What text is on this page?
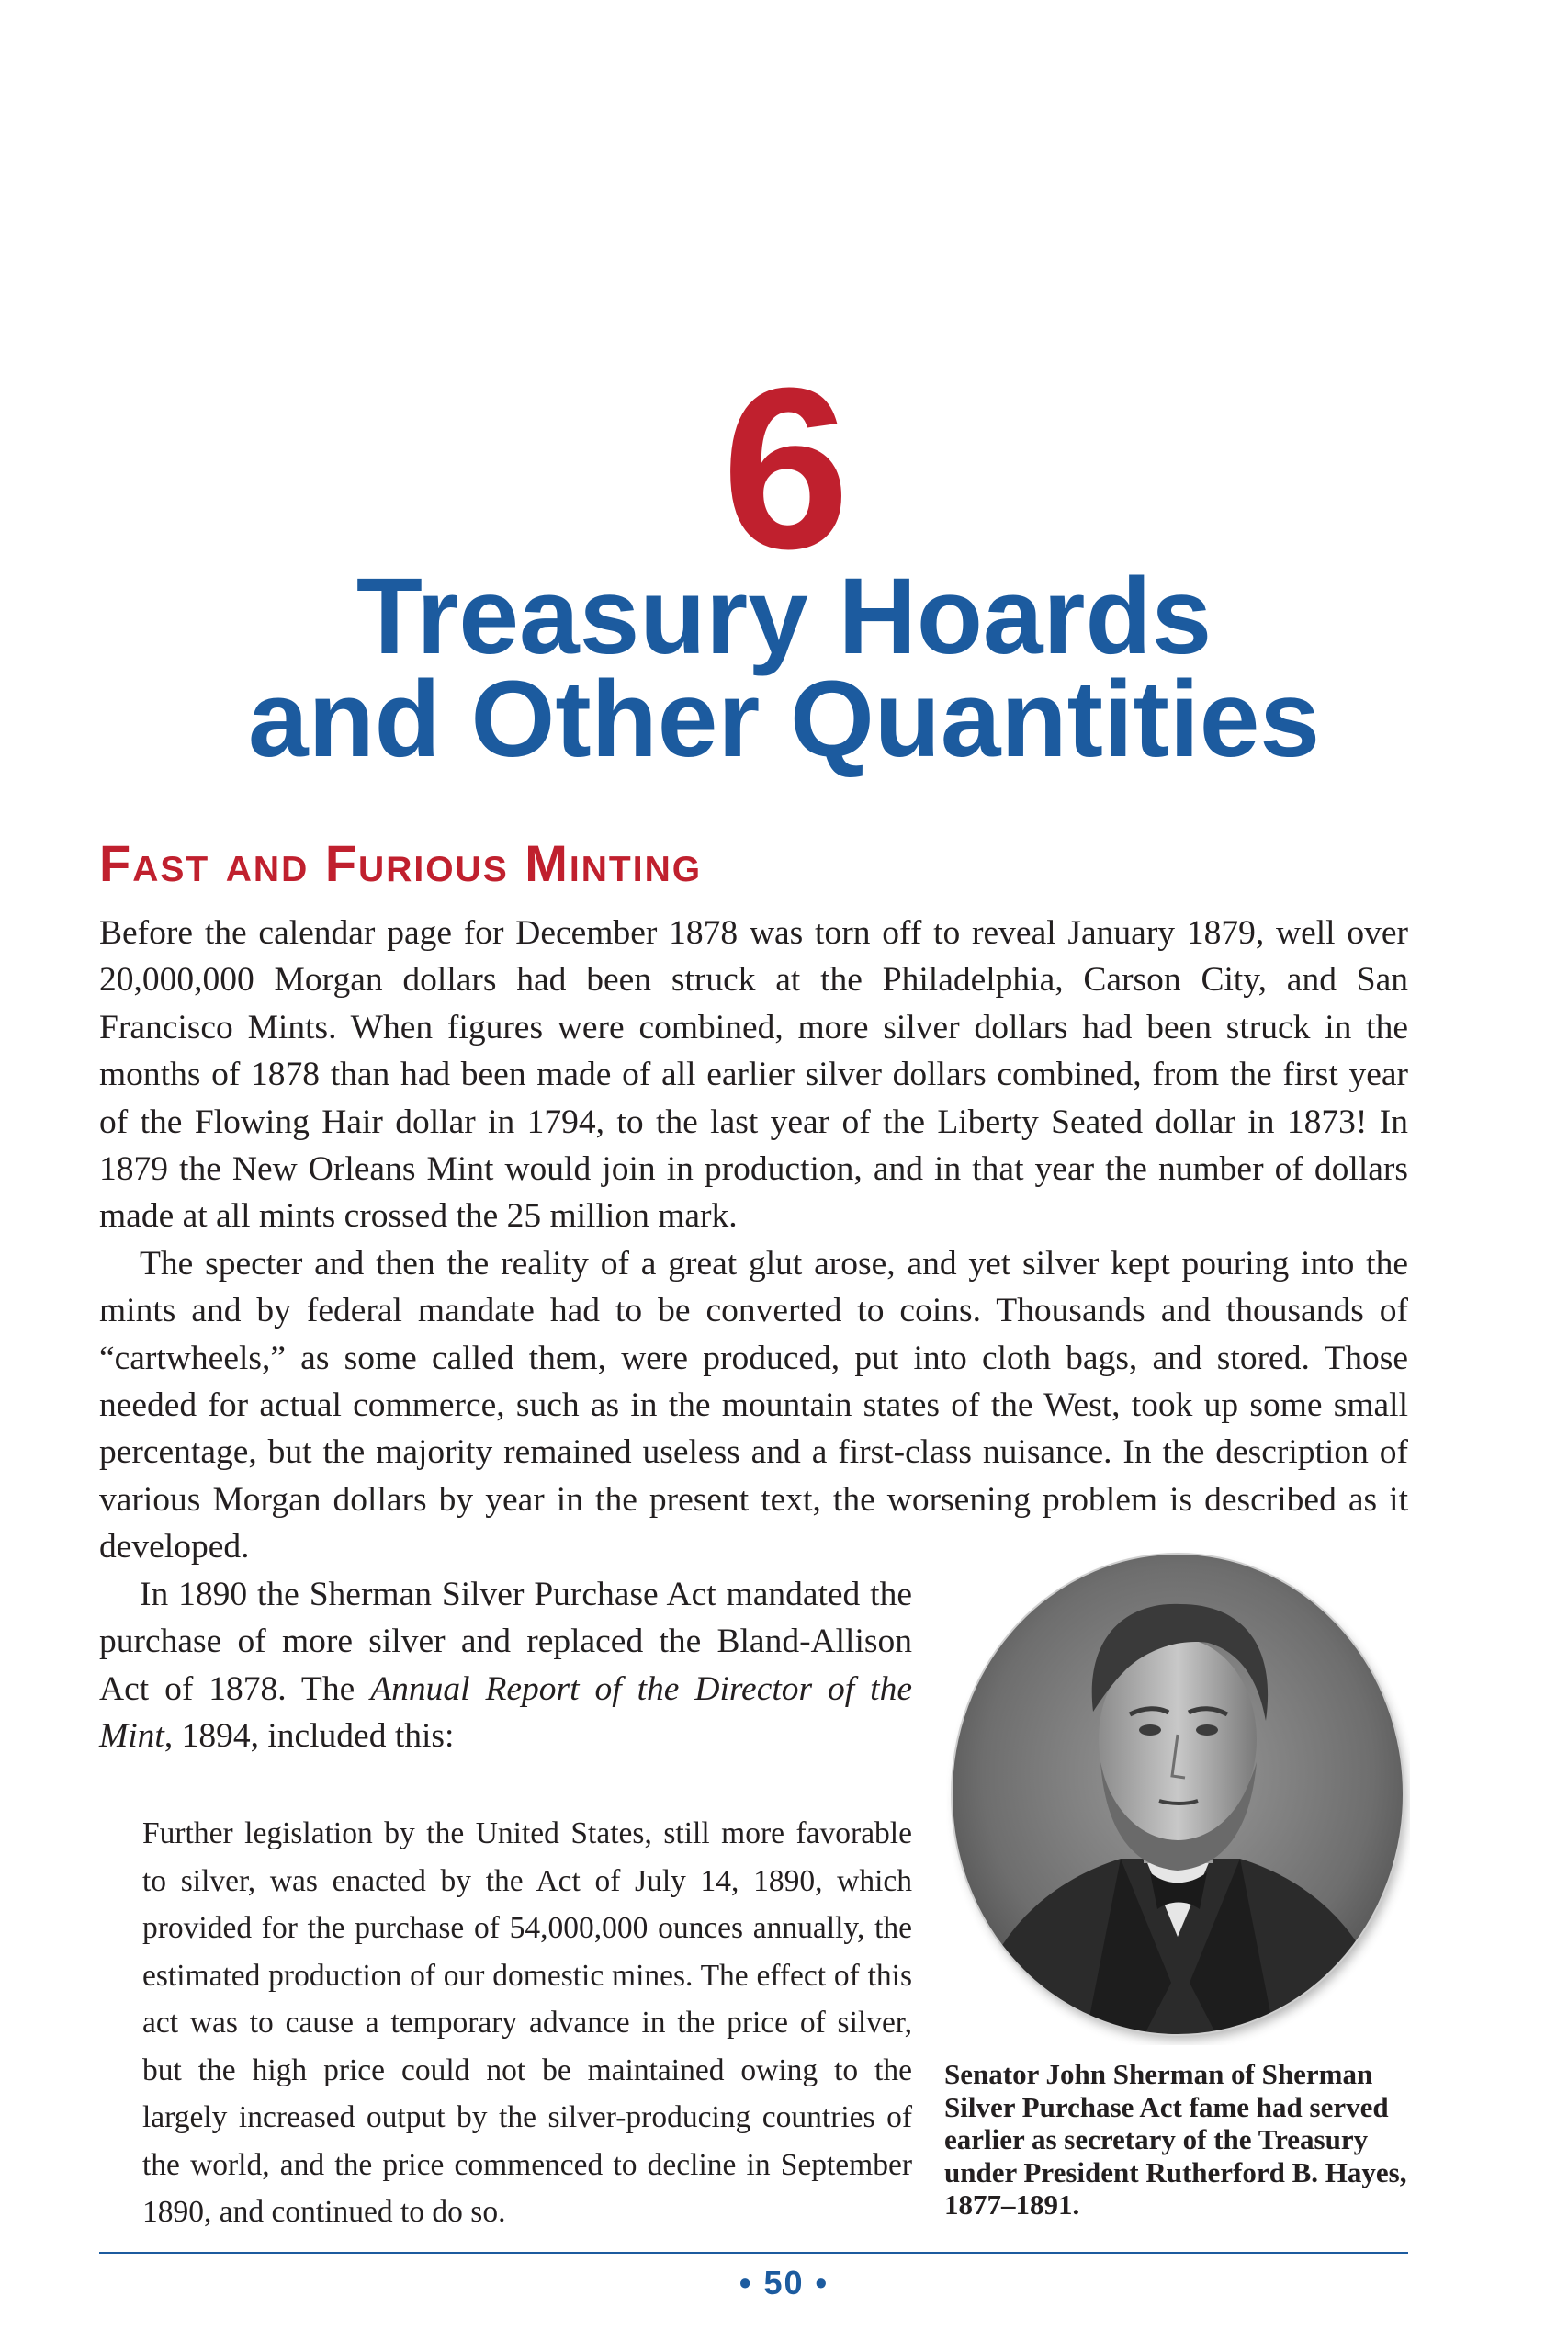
6
Treasury Hoards
and Other Quantities
Fast and Furious Minting

Before the calendar page for December 1878 was torn off to reveal January 1879, well over 20,000,000 Morgan dollars had been struck at the Philadelphia, Carson City, and San Francisco Mints. When figures were combined, more silver dollars had been struck in the months of 1878 than had been made of all earlier silver dollars combined, from the first year of the Flowing Hair dollar in 1794, to the last year of the Liberty Seated dollar in 1873! In 1879 the New Orleans Mint would join in production, and in that year the number of dollars made at all mints crossed the 25 million mark.

The specter and then the reality of a great glut arose, and yet silver kept pouring into the mints and by federal mandate had to be converted to coins. Thousands and thousands of “cartwheels,” as some called them, were produced, put into cloth bags, and stored. Those needed for actual commerce, such as in the mountain states of the West, took up some small percentage, but the majority remained useless and a first-class nuisance. In the description of various Morgan dollars by year in the present text, the worsening problem is described as it developed.

In 1890 the Sherman Silver Purchase Act mandated the purchase of more silver and replaced the Bland-Allison Act of 1878. The Annual Report of the Director of the Mint, 1894, included this:

Further legislation by the United States, still more favorable to silver, was enacted by the Act of July 14, 1890, which provided for the purchase of 54,000,000 ounces annually, the estimated production of our domestic mines. The effect of this act was to cause a temporary advance in the price of silver, but the high price could not be maintained owing to the largely increased output by the silver-producing countries of the world, and the price commenced to decline in September 1890, and continued to do so.

Senator John Sherman of Sherman Silver Purchase Act fame had served earlier as secretary of the Treasury under President Rutherford B. Hayes, 1877–1891.
• 50 •
